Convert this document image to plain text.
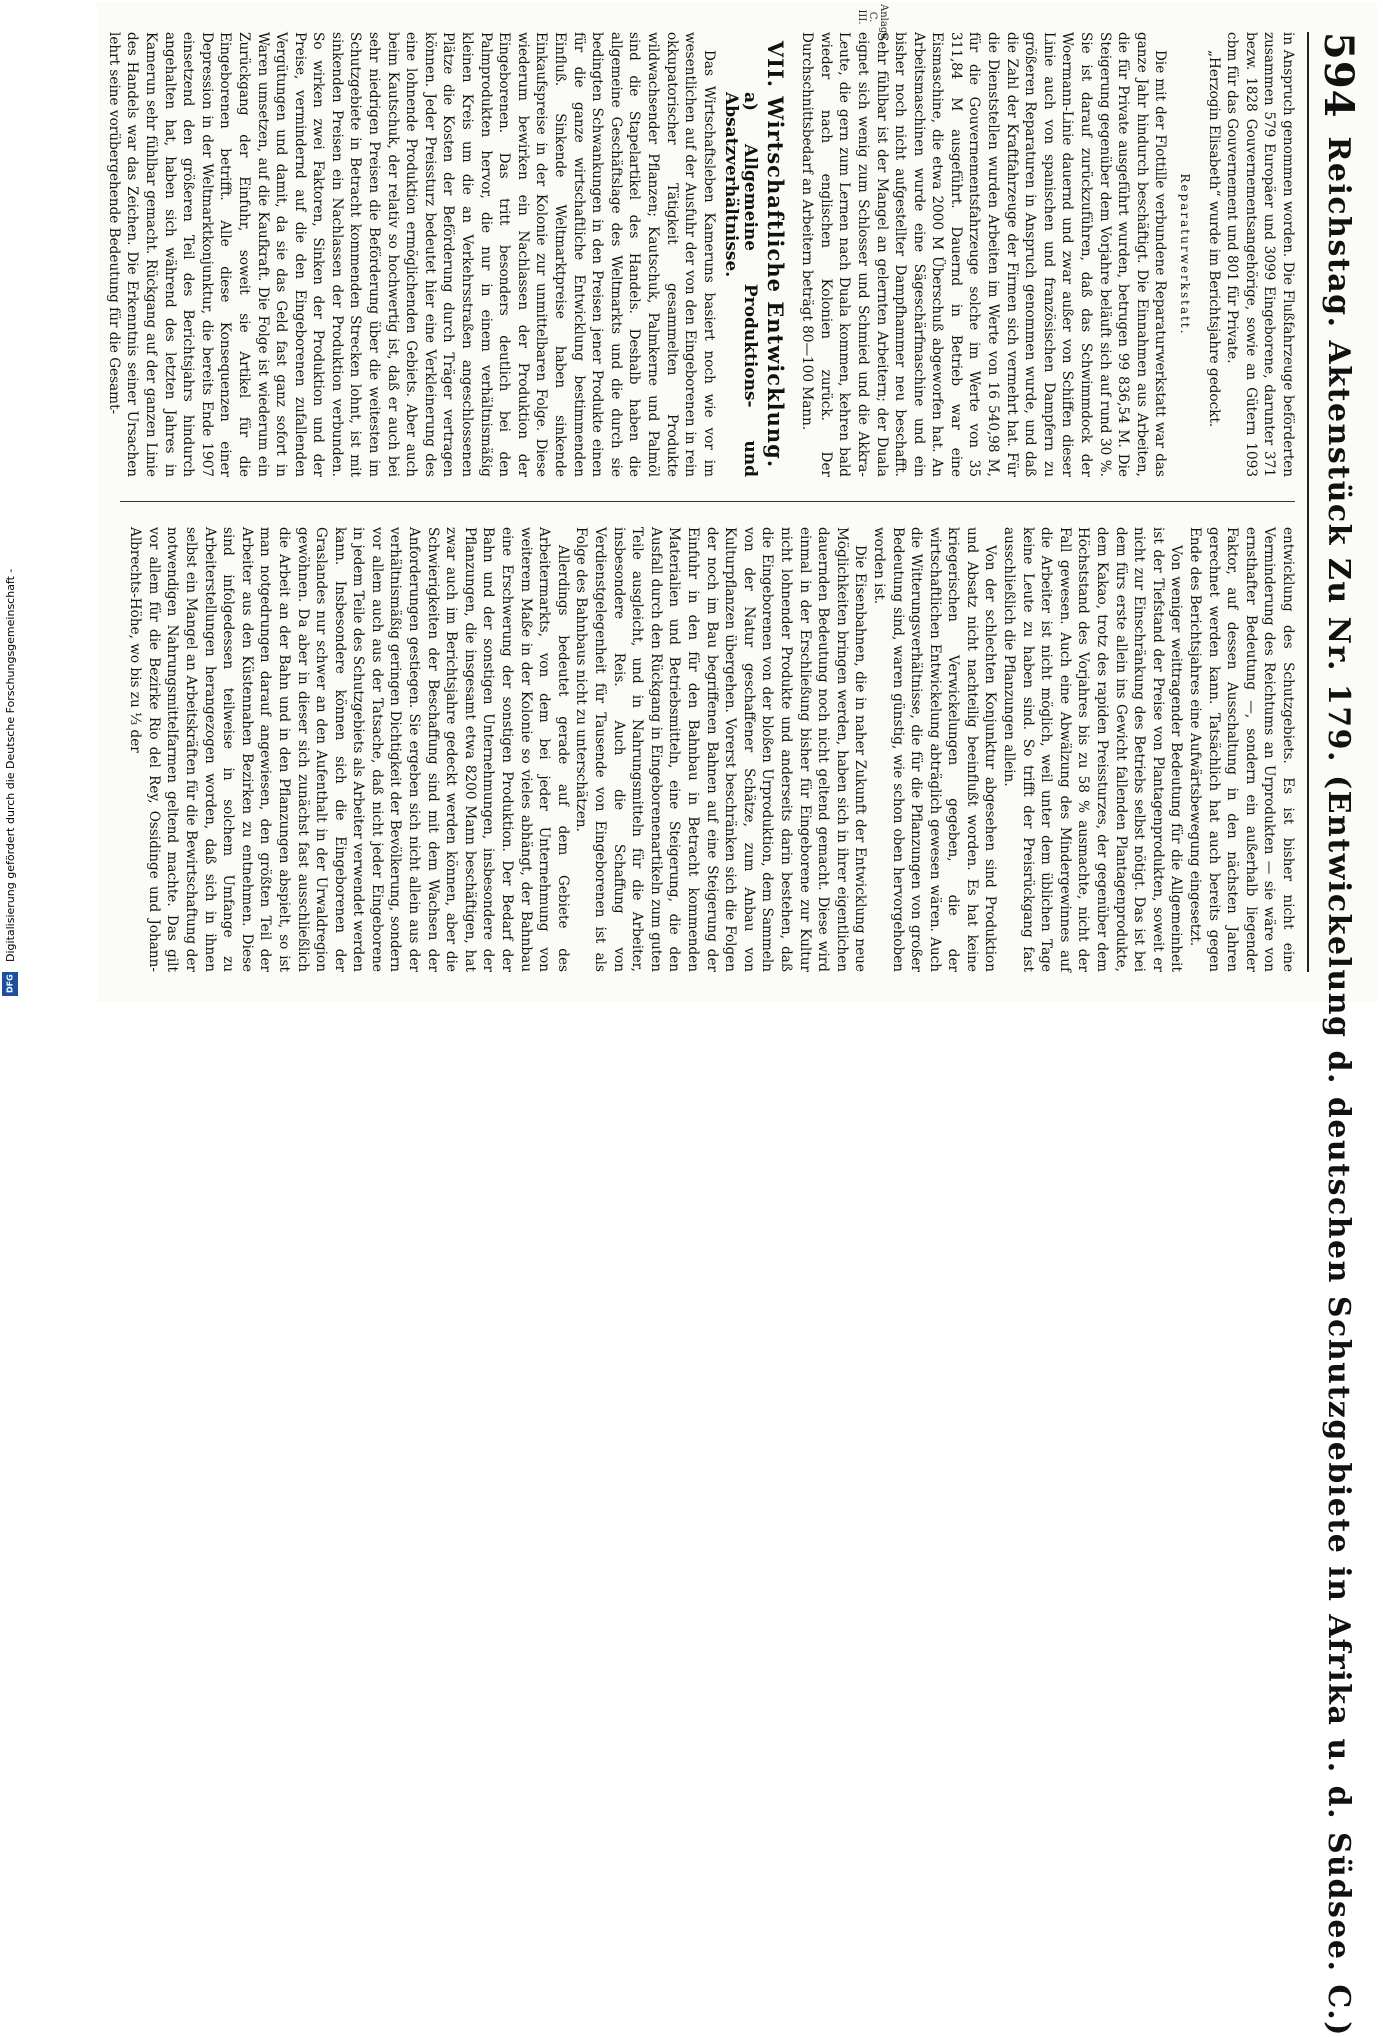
594
Reichstag. Aktenstück Zu Nr. 179. (Entwickelung d. deutschen Schutzgebiete in Afrika u. d. Südsee. C.)
Anlage C. III.

in Anspruch genommen worden. Die Flußfahrzeuge beförderten zusammen 579 Europäer und 3099 Eingeborene, darunter 371 bezw. 1828 Gouvernementsangehörige, sowie an Gütern 1093 cbm für das Gouvernement und 801 für Private.

„Herzogin Elisabeth“ wurde im Berichtsjahre gedockt.

Reparaturwerkstatt.

Die mit der Flottille verbundene Reparaturwerkstatt war das ganze Jahr hindurch beschäftigt. Die Einnahmen aus Arbeiten, die für Private ausgeführt wurden, betrugen 99 836,54 M. Die Steigerung gegenüber dem Vorjahre beläuft sich auf rund 30 %. Sie ist darauf zurückzuführen, daß das Schwimmdock der Woermann-Linie dauernd und zwar außer von Schiffen dieser Linie auch von spanischen und französischen Dampfern zu größeren Reparaturen in Anspruch genommen wurde, und daß die Zahl der Kraftfahrzeuge der Firmen sich vermehrt hat. Für die Dienststellen wurden Arbeiten im Werte von 16 540,98 M, für die Gouvernementsfahrzeuge solche im Werte von 35 311,84 M ausgeführt. Dauernd in Betrieb war eine Eismaschine, die etwa 2000 M Überschuß abgeworfen hat. An Arbeitsmaschinen wurde eine Sägeschärfmaschine und ein bisher noch nicht aufgestellter Dampfhammer neu beschafft. Sehr fühlbar ist der Mangel an gelernten Arbeitern; der Duala eignet sich wenig zum Schlosser und Schmied und die Akkra-Leute, die gern zum Lernen nach Duala kommen, kehren bald wieder nach englischen Kolonien zurück. Der Durchschnittsbedarf an Arbeitern beträgt 80—100 Mann.

VII. Wirtschaftliche Entwicklung.
a) Allgemeine Produktions- und Absatzverhältnisse.

Das Wirtschaftsleben Kameruns basiert noch wie vor im wesentlichen auf der Ausfuhr der von den Eingeborenen in rein okkupatorischer Tätigkeit gesammelten Produkte wildwachsender Pflanzen; Kautschuk, Palmkerne und Palmöl sind die Stapelartikel des Handels. Deshalb haben die allgemeine Geschäftslage des Weltmarkts und die durch sie bedingten Schwankungen in den Preisen jener Produkte einen für die ganze wirtschaftliche Entwicklung bestimmenden Einfluß. Sinkende Weltmarktpreise haben sinkende Einkaufspreise in der Kolonie zur unmittelbaren Folge. Diese wiederum bewirken ein Nachlassen der Produktion der Eingeborenen. Das tritt besonders deutlich bei den Palmprodukten hervor, die nur in einem verhältnismäßig kleinen Kreis um die an Verkehrsstraßen angeschlossenen Plätze die Kosten der Beförderung durch Träger vertragen können. Jeder Preissturz bedeutet hier eine Verkleinerung des eine lohnende Produktion ermöglichenden Gebiets. Aber auch beim Kautschuk, der relativ so hochwertig ist, daß er auch bei sehr niedrigen Preisen die Beförderung über die weitesten im Schutzgebiete in Betracht kommenden Strecken lohnt, ist mit sinkenden Preisen ein Nachlassen der Produktion verbunden. So wirken zwei Faktoren, Sinken der Produktion und der Preise, vermindernd auf die den Eingeborenen zufallenden Vergütungen und damit, da sie das Geld fast ganz sofort in Waren umsetzen, auf die Kaufkraft. Die Folge ist wiederum ein Zurückgang der Einfuhr, soweit sie Artikel für die Eingeborenen betrifft. Alle diese Konsequenzen einer Depression in der Weltmarktkonjunktur, die bereits Ende 1907 einsetzend den größeren Teil des Berichtsjahrs hindurch angehalten hat, haben sich während des letzten Jahres in Kamerun sehr fühlbar gemacht. Rückgang auf der ganzen Linie des Handels war das Zeichen. Die Erkenntnis seiner Ursachen lehrt seine vorübergehende Bedeutung für die Gesamt-

entwicklung des Schutzgebiets. Es ist bisher nicht eine Verminderung des Reichtums an Urprodukten — sie wäre von ernsthafter Bedeutung —, sondern ein außerhalb liegender Faktor, auf dessen Ausschaltung in den nächsten Jahren gerechnet werden kann. Tatsächlich hat auch bereits gegen Ende des Berichtsjahres eine Aufwärtsbewegung eingesetzt.

Von weniger weittragender Bedeutung für die Allgemeinheit ist der Tiefstand der Preise von Plantagenprodukten, soweit er nicht zur Einschränkung des Betriebs selbst nötigt. Das ist bei dem fürs erste allein ins Gewicht fallenden Plantagenprodukte, dem Kakao, trotz des rapiden Preissturzes, der gegenüber dem Höchststand des Vorjahres bis zu 58 % ausmachte, nicht der Fall gewesen. Auch eine Abwälzung des Mindergewinnes auf die Arbeiter ist nicht möglich, weil unter dem üblichen Tage keine Leute zu haben sind. So trifft der Preisrückgang fast ausschließlich die Pflanzungen allein.

Von der schlechten Konjunktur abgesehen sind Produktion und Absatz nicht nachteilig beeinflußt worden. Es hat keine kriegerischen Verwickelungen gegeben, die der wirtschaftlichen Entwickelung abträglich gewesen wären. Auch die Witterungsverhältnisse, die für die Pflanzungen von großer Bedeutung sind, waren günstig, wie schon oben hervorgehoben worden ist.

Die Eisenbahnen, die in naher Zukunft der Entwicklung neue Möglichkeiten bringen werden, haben sich in ihrer eigentlichen dauernden Bedeutung noch nicht geltend gemacht. Diese wird einmal in der Erschließung bisher für Eingeborene zur Kultur nicht lohnender Produkte und anderseits darin bestehen, daß die Eingeborenen von der bloßen Urproduktion, dem Sammeln von der Natur geschaffener Schätze, zum Anbau von Kulturpflanzen übergehen. Vorerst beschränken sich die Folgen der noch im Bau begriffenen Bahnen auf eine Steigerung der Einfuhr in den für den Bahnbau in Betracht kommenden Materialien und Betriebsmitteln, eine Steigerung, die den Ausfall durch den Rückgang in Eingeborenenartikeln zum guten Teile ausgleicht, und in Nahrungsmitteln für die Arbeiter, insbesondere Reis. Auch die Schaffung von Verdienstgelegenheit für Tausende von Eingeborenen ist als Folge des Bahnbaus nicht zu unterschätzen.

Allerdings bedeutet gerade auf dem Gebiete des Arbeitermarkts, von dem bei jeder Unternehmung von weiterem Maße in der Kolonie so vieles abhängt, der Bahnbau eine Erschwerung der sonstigen Produktion. Der Bedarf der Bahn und der sonstigen Unternehmungen, insbesondere der Pflanzungen, die insgesamt etwa 8200 Mann beschäftigen, hat zwar auch im Berichtsjahre gedeckt werden können, aber die Schwierigkeiten der Beschaffung sind mit dem Wachsen der Anforderungen gestiegen. Sie ergeben sich nicht allein aus der verhältnismäßig geringen Dichtigkeit der Bevölkerung, sondern vor allem auch aus der Tatsache, daß nicht jeder Eingeborene in jedem Teile des Schutzgebiets als Arbeiter verwendet werden kann. Insbesondere können sich die Eingeborenen der Graslandes nur schwer an den Aufenthalt in der Urwaldregion gewöhnen. Da aber in dieser sich zunächst fast ausschließlich die Arbeit an der Bahn und in den Pflanzungen abspielt, so ist man notgedrungen darauf angewiesen, den größten Teil der Arbeiter aus den Küstennahen Bezirken zu entnehmen. Diese sind infolgedessen teilweise in solchem Umfange zu Arbeiterstellungen herangezogen worden, daß sich in ihnen selbst ein Mangel an Arbeitskräften für die Bewirtschaftung der notwendigen Nahrungsmittelfarmen geltend machte. Das gilt vor allem für die Bezirke Rio del Rey, Ossidinge und Johann-Albrechts-Höhe, wo bis zu ⅓ der

Digitalisierung gefördert durch die Deutsche Forschungsgemeinschaft -
DFG
